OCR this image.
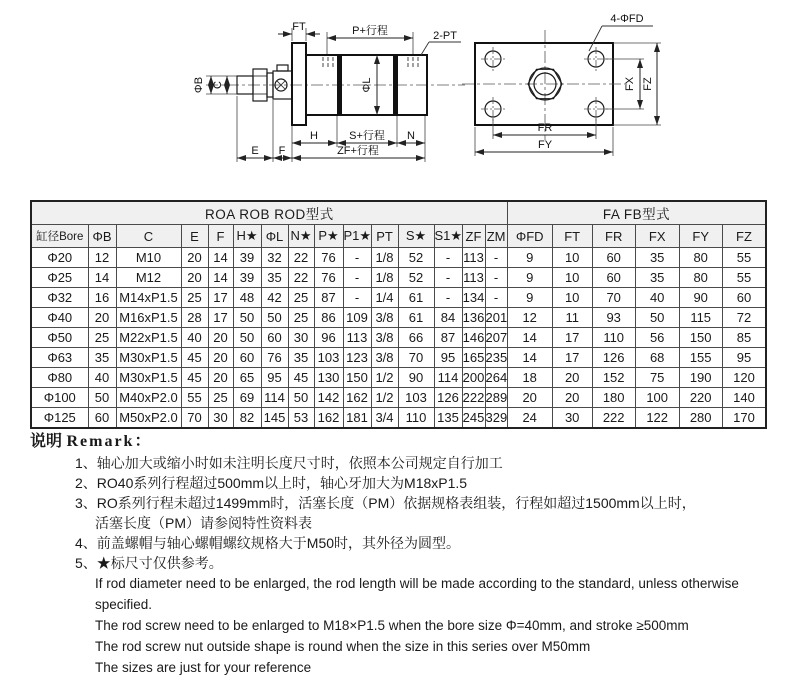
FT	P+行程	2-PT
ΦB C	ΦL
H	S+行程 N
E F	ZF+行程
4-ΦFD
FX FZ
FR
FY
ROA ROB ROD型式															FA FB型式					
缸径Bore	ΦB	C	E	F	H★	ΦL	N★	P★	P1★	PT	S★	S1★	ZF	ZM	ΦFD	FT	FR	FX	FY	FZ
Φ20	12	M10	20	14	39	32	22	76	-	1/8	52	-	113	-	9	10	60	35	80	55
Φ25	14	M12	20	14	39	35	22	76	-	1/8	52	-	113	-	9	10	60	35	80	55
Φ32	16	M14xP1.5	25	17	48	42	25	87	-	1/4	61	-	134	-	9	10	70	40	90	60
Φ40	20	M16xP1.5	28	17	50	50	25	86	109	3/8	61	84	136	201	12	11	93	50	115	72
Φ50	25	M22xP1.5	40	20	50	60	30	96	113	3/8	66	87	146	207	14	17	110	56	150	85
Φ63	35	M30xP1.5	45	20	60	76	35	103	123	3/8	70	95	165	235	14	17	126	68	155	95
Φ80	40	M30xP1.5	45	20	65	95	45	130	150	1/2	90	114	200	264	18	20	152	75	190	120
Φ100	50	M40xP2.0	55	25	69	114	50	142	162	1/2	103	126	222	289	20	20	180	100	220	140
Φ125	60	M50xP2.0	70	30	82	145	53	162	181	3/4	110	135	245	329	24	30	222	122	280	170
说明 Remark：
1、轴心加大或缩小时如未注明长度尺寸时，依照本公司规定自行加工
2、RO40系列行程超过500mm以上时，轴心牙加大为M18xP1.5
3、RO系列行程未超过1499mm时，活塞长度（PM）依据规格表组装，行程如超过1500mm以上时，
活塞长度（PM）请参阅特性资料表
4、前盖螺帽与轴心螺帽螺纹规格大于M50时，其外径为圆型。
5、★标尺寸仅供参考。
If rod diameter need to be enlarged, the rod length will be made according to the standard, unless otherwise specified.
The rod screw need to be enlarged to M18×P1.5 when the bore size Φ=40mm, and stroke ≥500mm
The rod screw nut outside shape is round when the size in this series over M50mm
The sizes are just for your reference
